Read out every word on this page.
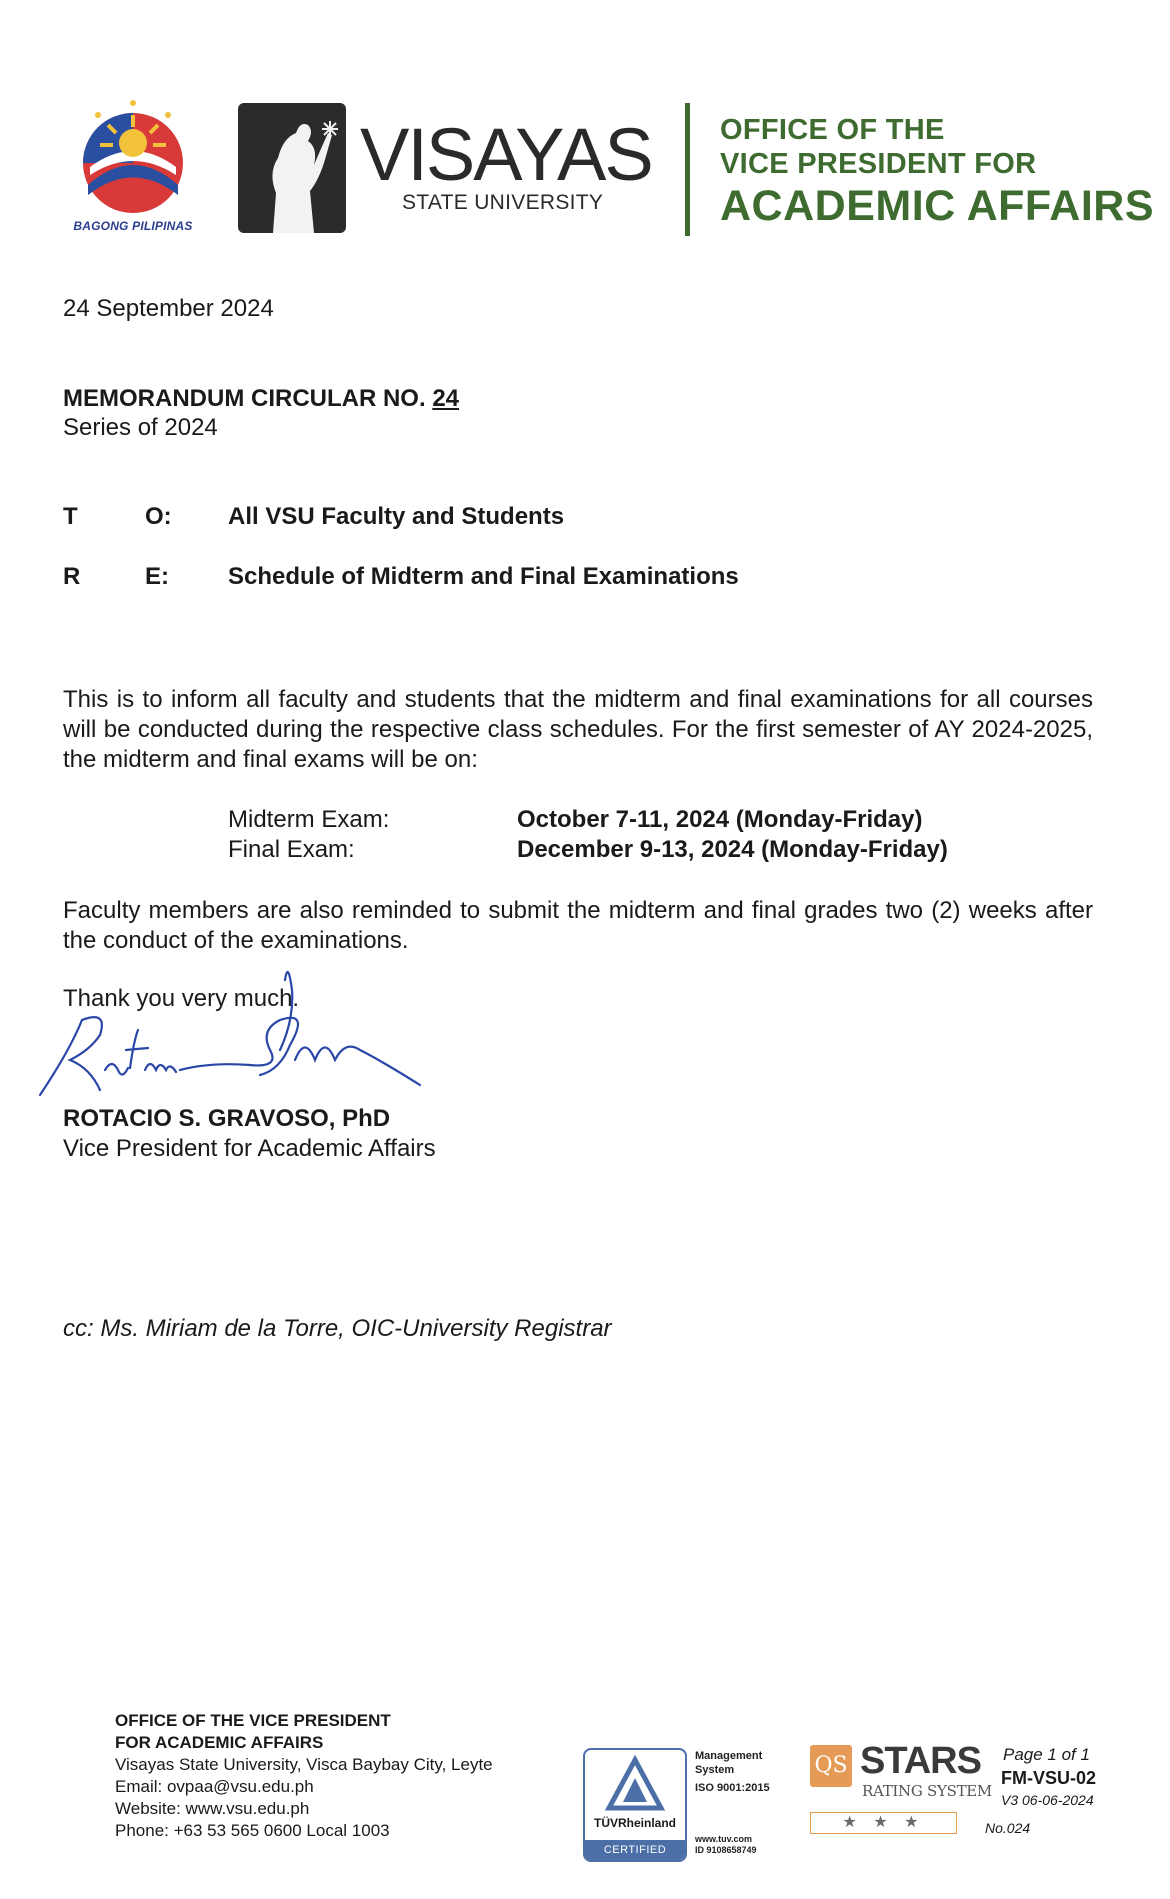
BAGONG PILIPINAS
VISAYAS
STATE UNIVERSITY
OFFICE OF THE
VICE PRESIDENT FOR
ACADEMIC AFFAIRS
24 September 2024
MEMORANDUM CIRCULAR NO. 24
Series of 2024
T	O: All VSU Faculty and Students
R	E: Schedule of Midterm and Final Examinations
This is to inform all faculty and students that the midterm and final examinations for all courses will be conducted during the respective class schedules. For the first semester of AY 2024-2025, the midterm and final exams will be on:
Midterm Exam:	October 7-11, 2024 (Monday-Friday)
Final Exam:	December 9-13, 2024 (Monday-Friday)
Faculty members are also reminded to submit the midterm and final grades two (2) weeks after the conduct of the examinations.
Thank you very much.
ROTACIO S. GRAVOSO, PhD
Vice President for Academic Affairs
cc: Ms. Miriam de la Torre, OIC-University Registrar
OFFICE OF THE VICE PRESIDENT
FOR ACADEMIC AFFAIRS
Visayas State University, Visca Baybay City, Leyte
Email: ovpaa@vsu.edu.ph
Website: www.vsu.edu.ph
Phone: +63 53 565 0600 Local 1003	TÜVRheinland
CERTIFIED
Management
System
ISO 9001:2015
www.tuv.com
ID 9108658749
QS STARS
RATING SYSTEM
★ ★ ★
Page 1 of 1
FM-VSU-02
V3 06-06-2024
No.024
